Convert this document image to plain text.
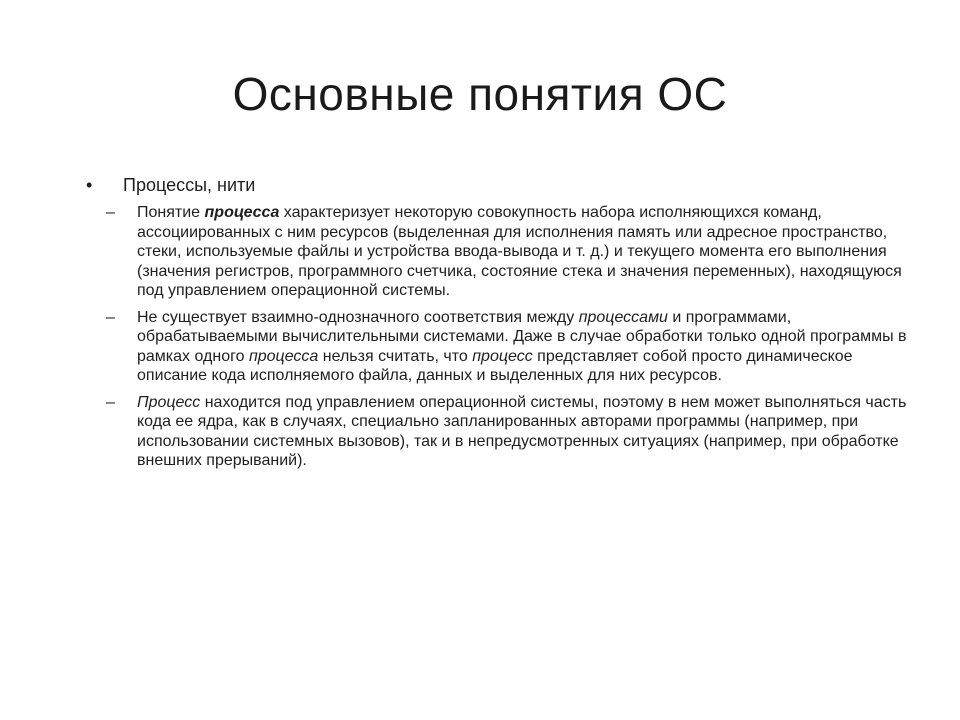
Основные понятия ОС
• Процессы, нити
– Понятие процесса характеризует некоторую совокупность набора исполняющихся команд, ассоциированных с ним ресурсов (выделенная для исполнения память или адресное пространство, стеки, используемые файлы и устройства ввода-вывода и т. д.) и текущего момента его выполнения (значения регистров, программного счетчика, состояние стека и значения переменных), находящуюся под управлением операционной системы.
– Не существует взаимно-однозначного соответствия между процессами и программами, обрабатываемыми вычислительными системами. Даже в случае обработки только одной программы в рамках одного процесса нельзя считать, что процесс представляет собой просто динамическое описание кода исполняемого файла, данных и выделенных для них ресурсов.
– Процесс находится под управлением операционной системы, поэтому в нем может выполняться часть кода ее ядра, как в случаях, специально запланированных авторами программы (например, при использовании системных вызовов), так и в непредусмотренных ситуациях (например, при обработке внешних прерываний).
